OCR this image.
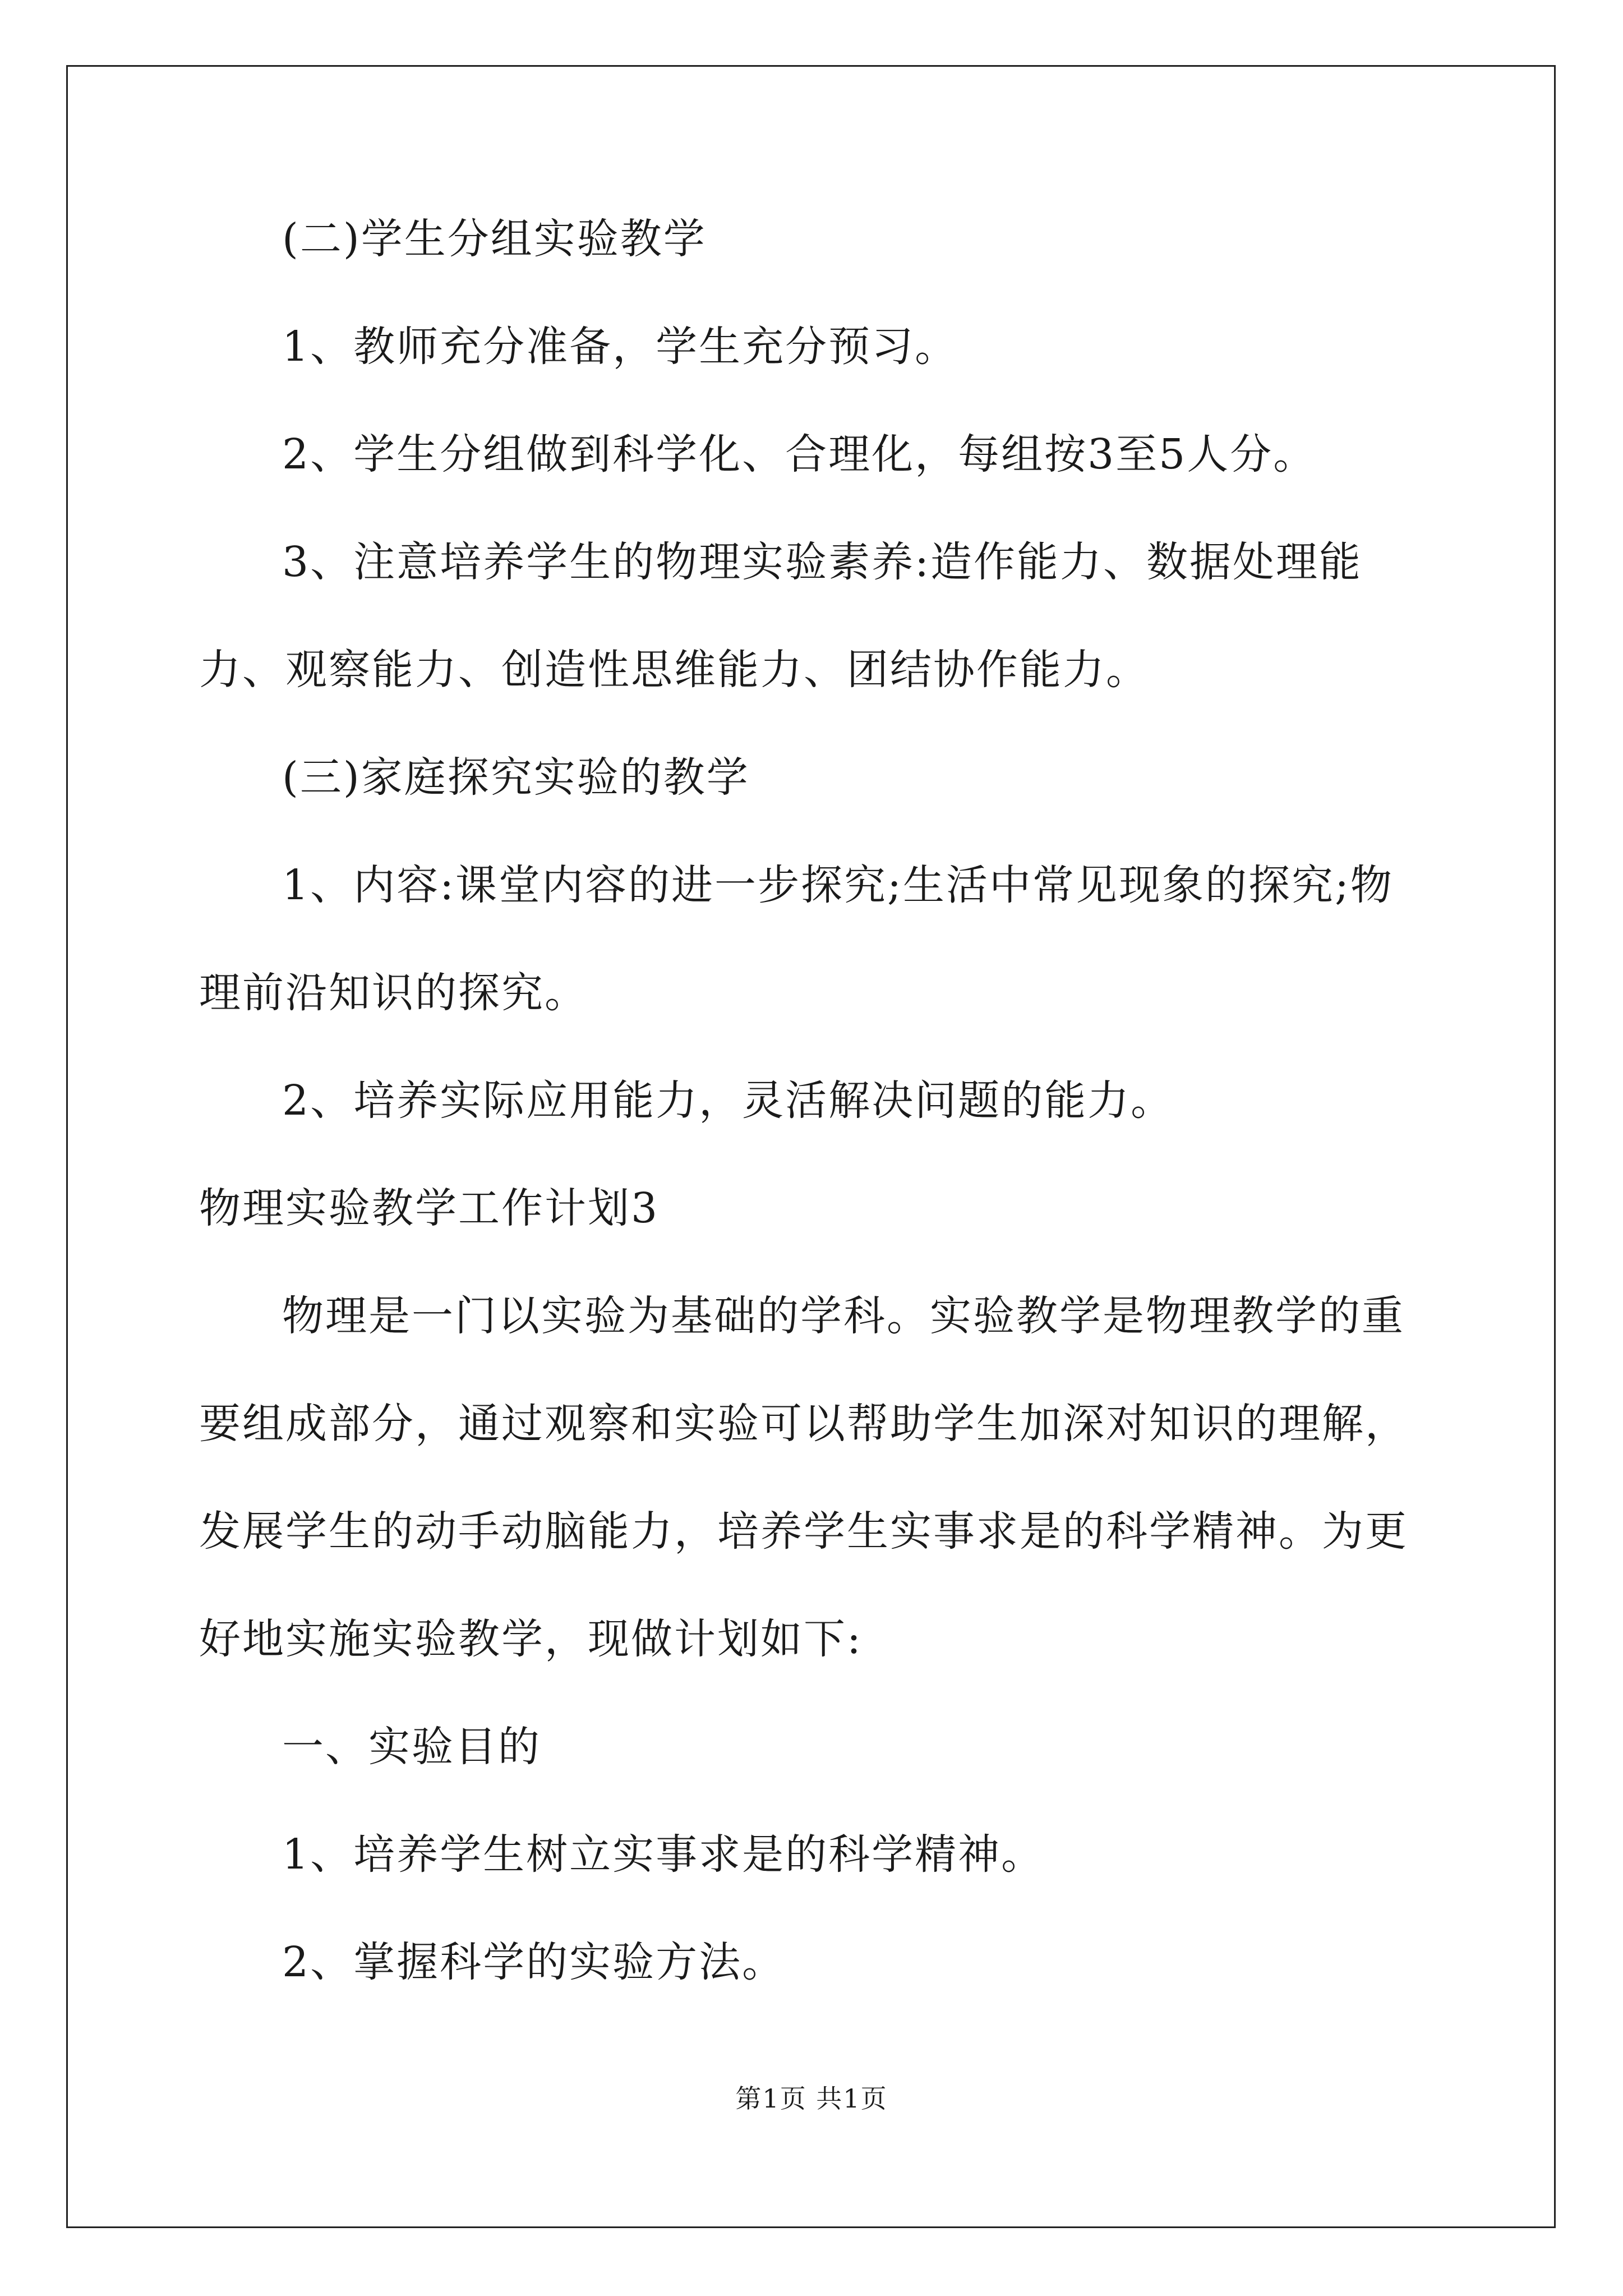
(二)学生分组实验教学

1、教师充分准备，学生充分预习。

2、学生分组做到科学化、合理化，每组按3至5人分。

3、注意培养学生的物理实验素养:造作能力、数据处理能力、观察能力、创造性思维能力、团结协作能力。

(三)家庭探究实验的教学

1、内容:课堂内容的进一步探究;生活中常见现象的探究;物理前沿知识的探究。

2、培养实际应用能力，灵活解决问题的能力。

物理实验教学工作计划3

物理是一门以实验为基础的学科。实验教学是物理教学的重要组成部分，通过观察和实验可以帮助学生加深对知识的理解，发展学生的动手动脑能力，培养学生实事求是的科学精神。为更好地实施实验教学，现做计划如下:

一、实验目的

1、培养学生树立实事求是的科学精神。

2、掌握科学的实验方法。

第1页 共1页
